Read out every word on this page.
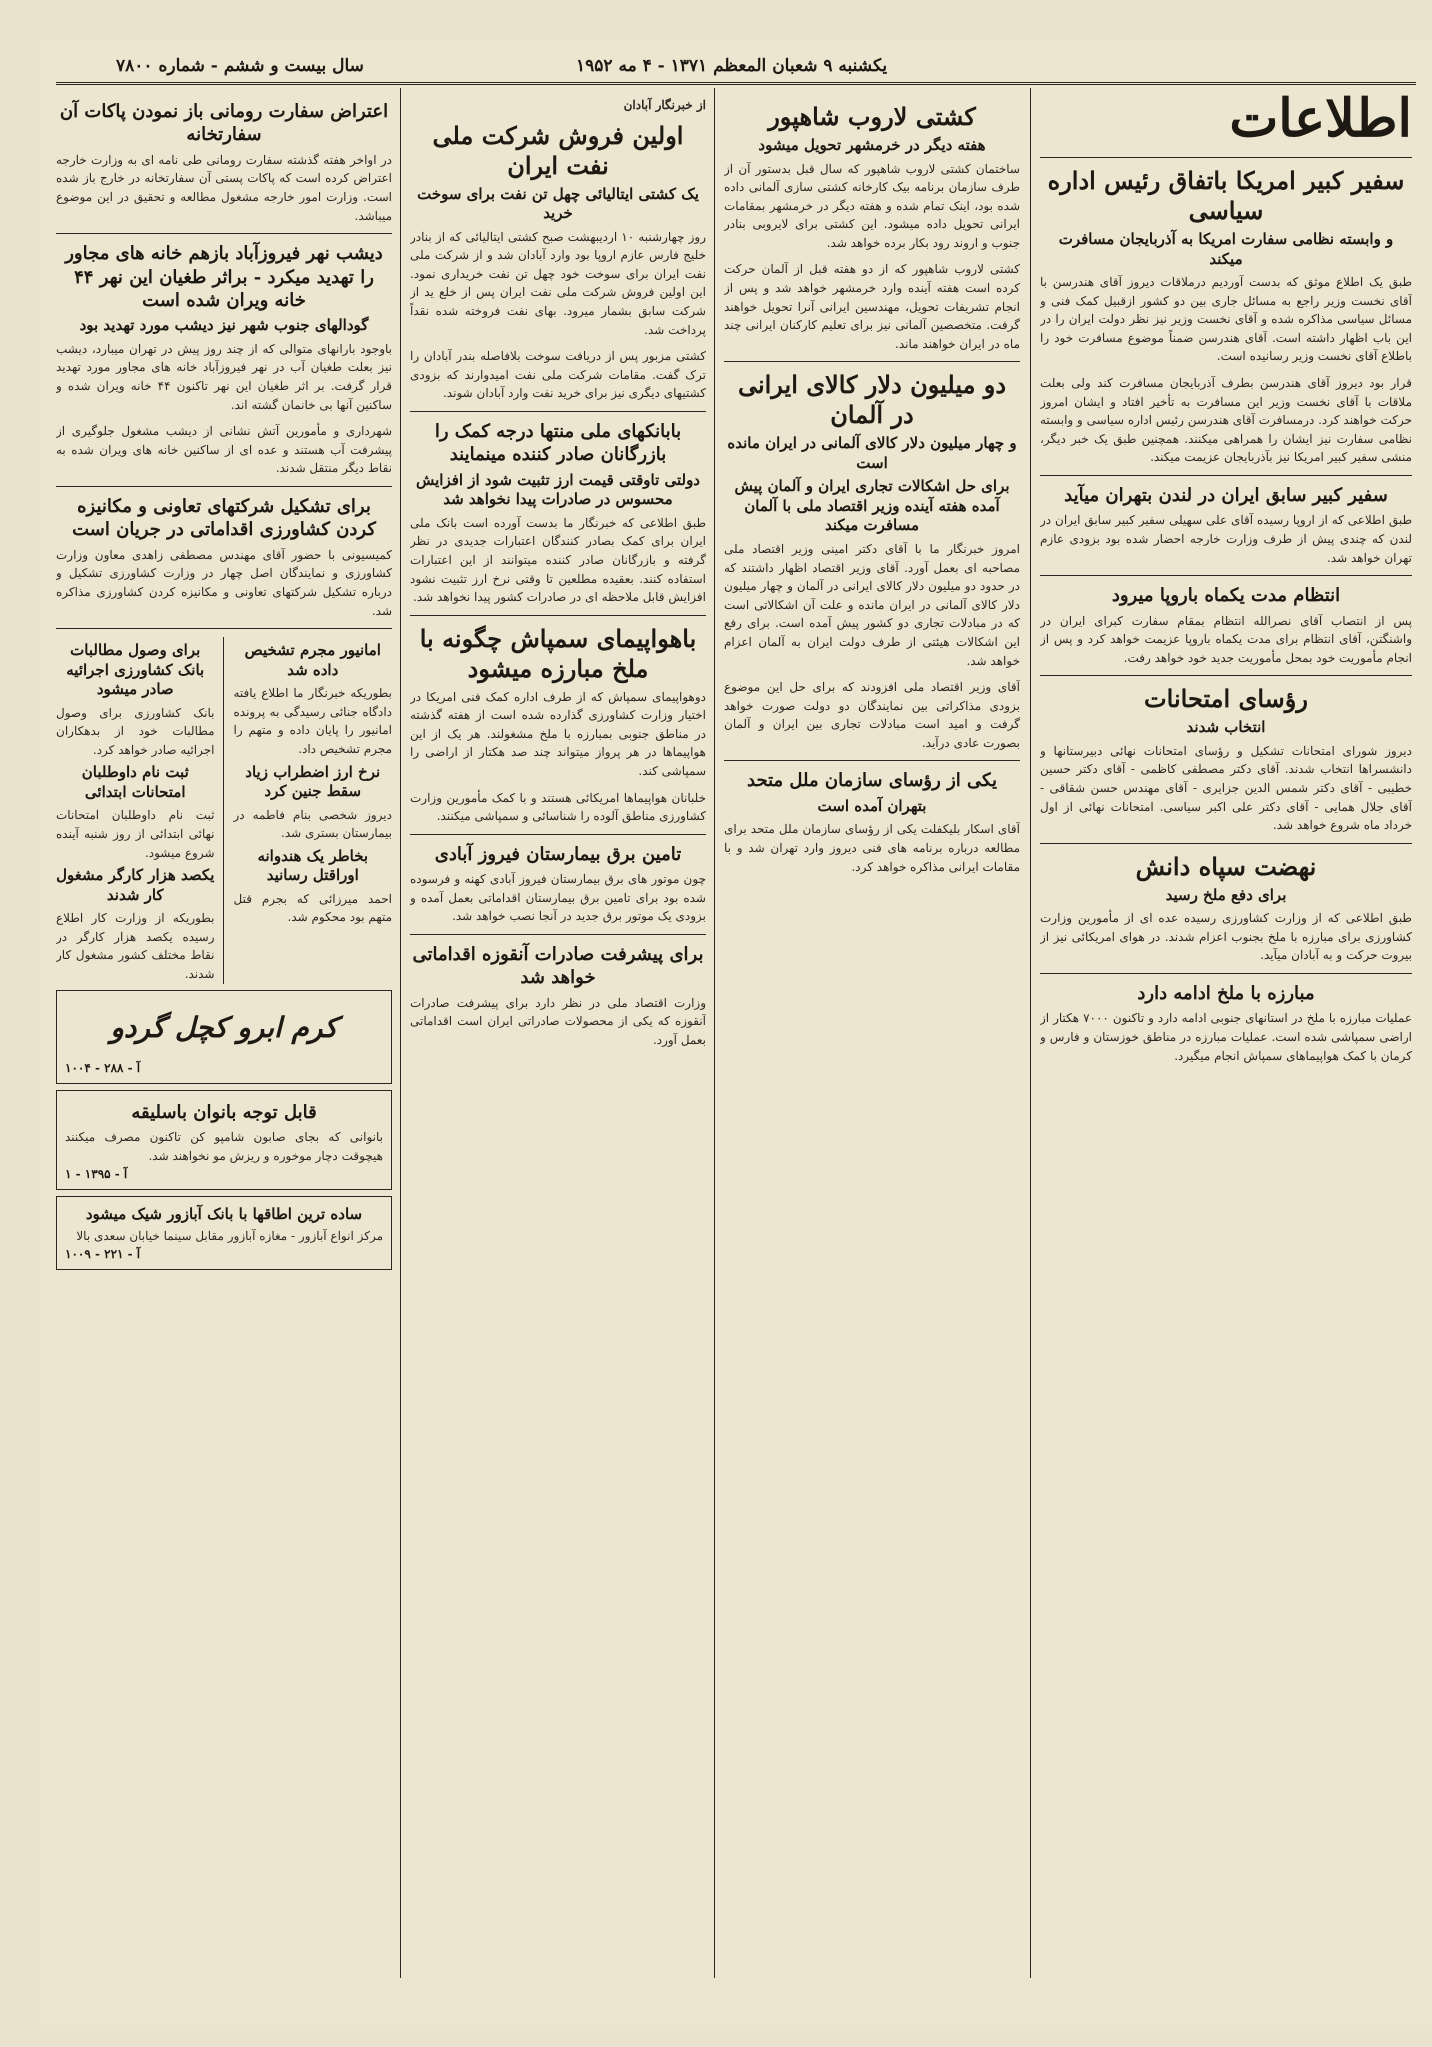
سال بیست و ششم - شماره ۷۸۰۰	یکشنبه ۹ شعبان المعظم ۱۳۷۱ - ۴ مه ۱۹۵۲
اطلاعات
سفیر کبیر امریکا باتفاق رئیس اداره سیاسی
و وابسته نظامی سفارت امریکا به آذربایجان مسافرت میکند
طبق یک اطلاع موثق که بدست آوردیم درملاقات دیروز آقای هندرسن با آقای نخست وزیر راجع به مسائل جاری بین دو کشور ازقبیل کمک فنی و مسائل سیاسی مذاکره شده و آقای نخست وزیر نیز نظر دولت ایران را در این باب اظهار داشته است. آقای هندرسن ضمناً موضوع مسافرت خود را باطلاع آقای نخست وزیر رسانیده است.
قرار بود دیروز آقای هندرسن بطرف آذربایجان مسافرت کند ولی بعلت ملاقات با آقای نخست وزیر این مسافرت به تأخیر افتاد و ایشان امروز حرکت خواهند کرد. درمسافرت آقای هندرسن رئیس اداره سیاسی و وابسته نظامی سفارت نیز ایشان را همراهی میکنند. همچنین طبق یک خبر دیگر، منشی سفیر کبیر امریکا نیز بآذربایجان عزیمت میکند.
سفیر کبیر سابق ایران در لندن بتهران میآید
طبق اطلاعی که از اروپا رسیده آقای علی سهیلی سفیر کبیر سابق ایران در لندن که چندی پیش از طرف وزارت خارجه احضار شده بود بزودی عازم تهران خواهد شد.
انتظام مدت یکماه باروپا میرود
پس از انتصاب آقای نصرالله انتظام بمقام سفارت کبرای ایران در واشنگتن، آقای انتظام برای مدت یکماه باروپا عزیمت خواهد کرد و پس از انجام مأموریت خود بمحل مأموریت جدید خود خواهد رفت.
رؤسای امتحانات
انتخاب شدند
دیروز شورای امتحانات تشکیل و رؤسای امتحانات نهائی دبیرستانها و دانشسراها انتخاب شدند. آقای دکتر مصطفی کاظمی - آقای دکتر حسین خطیبی - آقای دکتر شمس الدین جزایری - آقای مهندس حسن شقاقی - آقای جلال همایی - آقای دکتر علی اکبر سیاسی. امتحانات نهائی از اول خرداد ماه شروع خواهد شد.
نهضت سپاه دانش
برای دفع ملخ رسید
طبق اطلاعی که از وزارت کشاورزی رسیده عده ای از مأمورین وزارت کشاورزی برای مبارزه با ملخ بجنوب اعزام شدند. در هوای امریکائی نیز از بیروت حرکت و به آبادان میآید.
مبارزه با ملخ ادامه دارد
عملیات مبارزه با ملخ در استانهای جنوبی ادامه دارد و تاکنون ۷۰۰۰ هکتار از اراضی سمپاشی شده است. عملیات مبارزه در مناطق خوزستان و فارس و کرمان با کمک هواپیماهای سمپاش انجام میگیرد.
کشتی لاروب شاهپور
هفته دیگر در خرمشهر تحویل میشود
ساختمان کشتی لاروب شاهپور که سال قبل بدستور آن از طرف سازمان برنامه بیک کارخانه کشتی سازی آلمانی داده شده بود، اینک تمام شده و هفته دیگر در خرمشهر بمقامات ایرانی تحویل داده میشود. این کشتی برای لایروبی بنادر جنوب و اروند رود بکار برده خواهد شد.
کشتی لاروب شاهپور که از دو هفته قبل از آلمان حرکت کرده است هفته آینده وارد خرمشهر خواهد شد و پس از انجام تشریفات تحویل، مهندسین ایرانی آنرا تحویل خواهند گرفت. متخصصین آلمانی نیز برای تعلیم کارکنان ایرانی چند ماه در ایران خواهند ماند.
دو میلیون دلار کالای ایرانی در آلمان
و چهار میلیون دلار کالای آلمانی در ایران مانده است
برای حل اشکالات تجاری ایران و آلمان پیش آمده هفته آینده وزیر اقتصاد ملی با آلمان مسافرت میکند
امروز خبرنگار ما با آقای دکتر امینی وزیر اقتصاد ملی مصاحبه ای بعمل آورد. آقای وزیر اقتصاد اظهار داشتند که در حدود دو میلیون دلار کالای ایرانی در آلمان و چهار میلیون دلار کالای آلمانی در ایران مانده و علت آن اشکالاتی است که در مبادلات تجاری دو کشور پیش آمده است. برای رفع این اشکالات هیئتی از طرف دولت ایران به آلمان اعزام خواهد شد.
آقای وزیر اقتصاد ملی افزودند که برای حل این موضوع بزودی مذاکراتی بین نمایندگان دو دولت صورت خواهد گرفت و امید است مبادلات تجاری بین ایران و آلمان بصورت عادی درآید.
یکی از رؤسای سازمان ملل متحد
بتهران آمده است
آقای اسکار بلیکفلت یکی از رؤسای سازمان ملل متحد برای مطالعه درباره برنامه های فنی دیروز وارد تهران شد و با مقامات ایرانی مذاکره خواهد کرد.
از خبرنگار آبادان
اولین فروش شرکت ملی نفت ایران
یک کشتی ایتالیائی چهل تن نفت برای سوخت خرید
روز چهارشنبه ۱۰ اردیبهشت صبح کشتی ایتالیائی که از بنادر خلیج فارس عازم اروپا بود وارد آبادان شد و از شرکت ملی نفت ایران برای سوخت خود چهل تن نفت خریداری نمود. این اولین فروش شرکت ملی نفت ایران پس از خلع ید از شرکت سابق بشمار میرود. بهای نفت فروخته شده نقداً پرداخت شد.
کشتی مزبور پس از دریافت سوخت بلافاصله بندر آبادان را ترک گفت. مقامات شرکت ملی نفت امیدوارند که بزودی کشتیهای دیگری نیز برای خرید نفت وارد آبادان شوند.
بابانکهای ملی منتها درجه کمک را بازرگانان صادر کننده مینمایند
دولتی تاوقتی قیمت ارز تثبیت شود از افزایش محسوس در صادرات پیدا نخواهد شد
طبق اطلاعی که خبرنگار ما بدست آورده است بانک ملی ایران برای کمک بصادر کنندگان اعتبارات جدیدی در نظر گرفته و بازرگانان صادر کننده میتوانند از این اعتبارات استفاده کنند. بعقیده مطلعین تا وقتی نرخ ارز تثبیت نشود افزایش قابل ملاحظه ای در صادرات کشور پیدا نخواهد شد.
باهواپیمای سمپاش چگونه با ملخ مبارزه میشود
دوهواپیمای سمپاش که از طرف اداره کمک فنی امریکا در اختیار وزارت کشاورزی گذارده شده است از هفته گذشته در مناطق جنوبی بمبارزه با ملخ مشغولند. هر یک از این هواپیماها در هر پرواز میتواند چند صد هکتار از اراضی را سمپاشی کند.
خلبانان هواپیماها امریکائی هستند و با کمک مأمورین وزارت کشاورزی مناطق آلوده را شناسائی و سمپاشی میکنند.
تامین برق بیمارستان فیروز آبادی
چون موتور های برق بیمارستان فیروز آبادی کهنه و فرسوده شده بود برای تامین برق بیمارستان اقداماتی بعمل آمده و بزودی یک موتور برق جدید در آنجا نصب خواهد شد.
برای پیشرفت صادرات آنقوزه اقداماتی خواهد شد
وزارت اقتصاد ملی در نظر دارد برای پیشرفت صادرات آنقوزه که یکی از محصولات صادراتی ایران است اقداماتی بعمل آورد.
اعتراض سفارت رومانی باز نمودن پاکات آن سفارتخانه
در اواخر هفته گذشته سفارت رومانی طی نامه ای به وزارت خارجه اعتراض کرده است که پاکات پستی آن سفارتخانه در خارج باز شده است. وزارت امور خارجه مشغول مطالعه و تحقیق در این موضوع میباشد.
دیشب نهر فیروزآباد بازهم خانه های مجاور را تهدید میکرد - براثر طغیان این نهر ۴۴ خانه ویران شده است
گودالهای جنوب شهر نیز دیشب مورد تهدید بود
باوجود بارانهای متوالی که از چند روز پیش در تهران میبارد، دیشب نیز بعلت طغیان آب در نهر فیروزآباد خانه های مجاور مورد تهدید قرار گرفت. بر اثر طغیان این نهر تاکنون ۴۴ خانه ویران شده و ساکنین آنها بی خانمان گشته اند.
شهرداری و مأمورین آتش نشانی از دیشب مشغول جلوگیری از پیشرفت آب هستند و عده ای از ساکنین خانه های ویران شده به نقاط دیگر منتقل شدند.
برای تشکیل شرکتهای تعاونی و مکانیزه کردن کشاورزی اقداماتی در جریان است
کمیسیونی با حضور آقای مهندس مصطفی زاهدی معاون وزارت کشاورزی و نمایندگان اصل چهار در وزارت کشاورزی تشکیل و درباره تشکیل شرکتهای تعاونی و مکانیزه کردن کشاورزی مذاکره شد.
امانیور مجرم تشخیص داده شد
بطوریکه خبرنگار ما اطلاع یافته دادگاه جنائی رسیدگی به پرونده امانیور را پایان داده و متهم را مجرم تشخیص داد.
نرخ ارز اضطراب زیاد سقط جنین کرد
دیروز شخصی بنام فاطمه در بیمارستان بستری شد.
بخاطر یک هندوانه اوراقتل رسانید
احمد میرزائی که بجرم قتل متهم بود محکوم شد.
برای وصول مطالبات بانک کشاورزی اجرائیه صادر میشود
بانک کشاورزی برای وصول مطالبات خود از بدهکاران اجرائیه صادر خواهد کرد.
ثبت نام داوطلبان امتحانات ابتدائی
ثبت نام داوطلبان امتحانات نهائی ابتدائی از روز شنبه آینده شروع میشود.
یکصد هزار کارگر مشغول کار شدند
بطوریکه از وزارت کار اطلاع رسیده یکصد هزار کارگر در نقاط مختلف کشور مشغول کار شدند.
کرم ابرو کچل گردو
آ - ۲۸۸ - ۱۰۰۴
قابل توجه بانوان باسلیقه
بانوانی که بجای صابون شامپو کن تاکنون مصرف میکنند هیچوقت دچار موخوره و ریزش مو نخواهند شد.
آ - ۱۳۹۵ - ۱
ساده ترین اطاقها با بانک آبازور شیک میشود
مرکز انواع آبازور - مغازه آبازور مقابل سینما خیابان سعدی بالا
آ - ۲۲۱ - ۱۰۰۹
